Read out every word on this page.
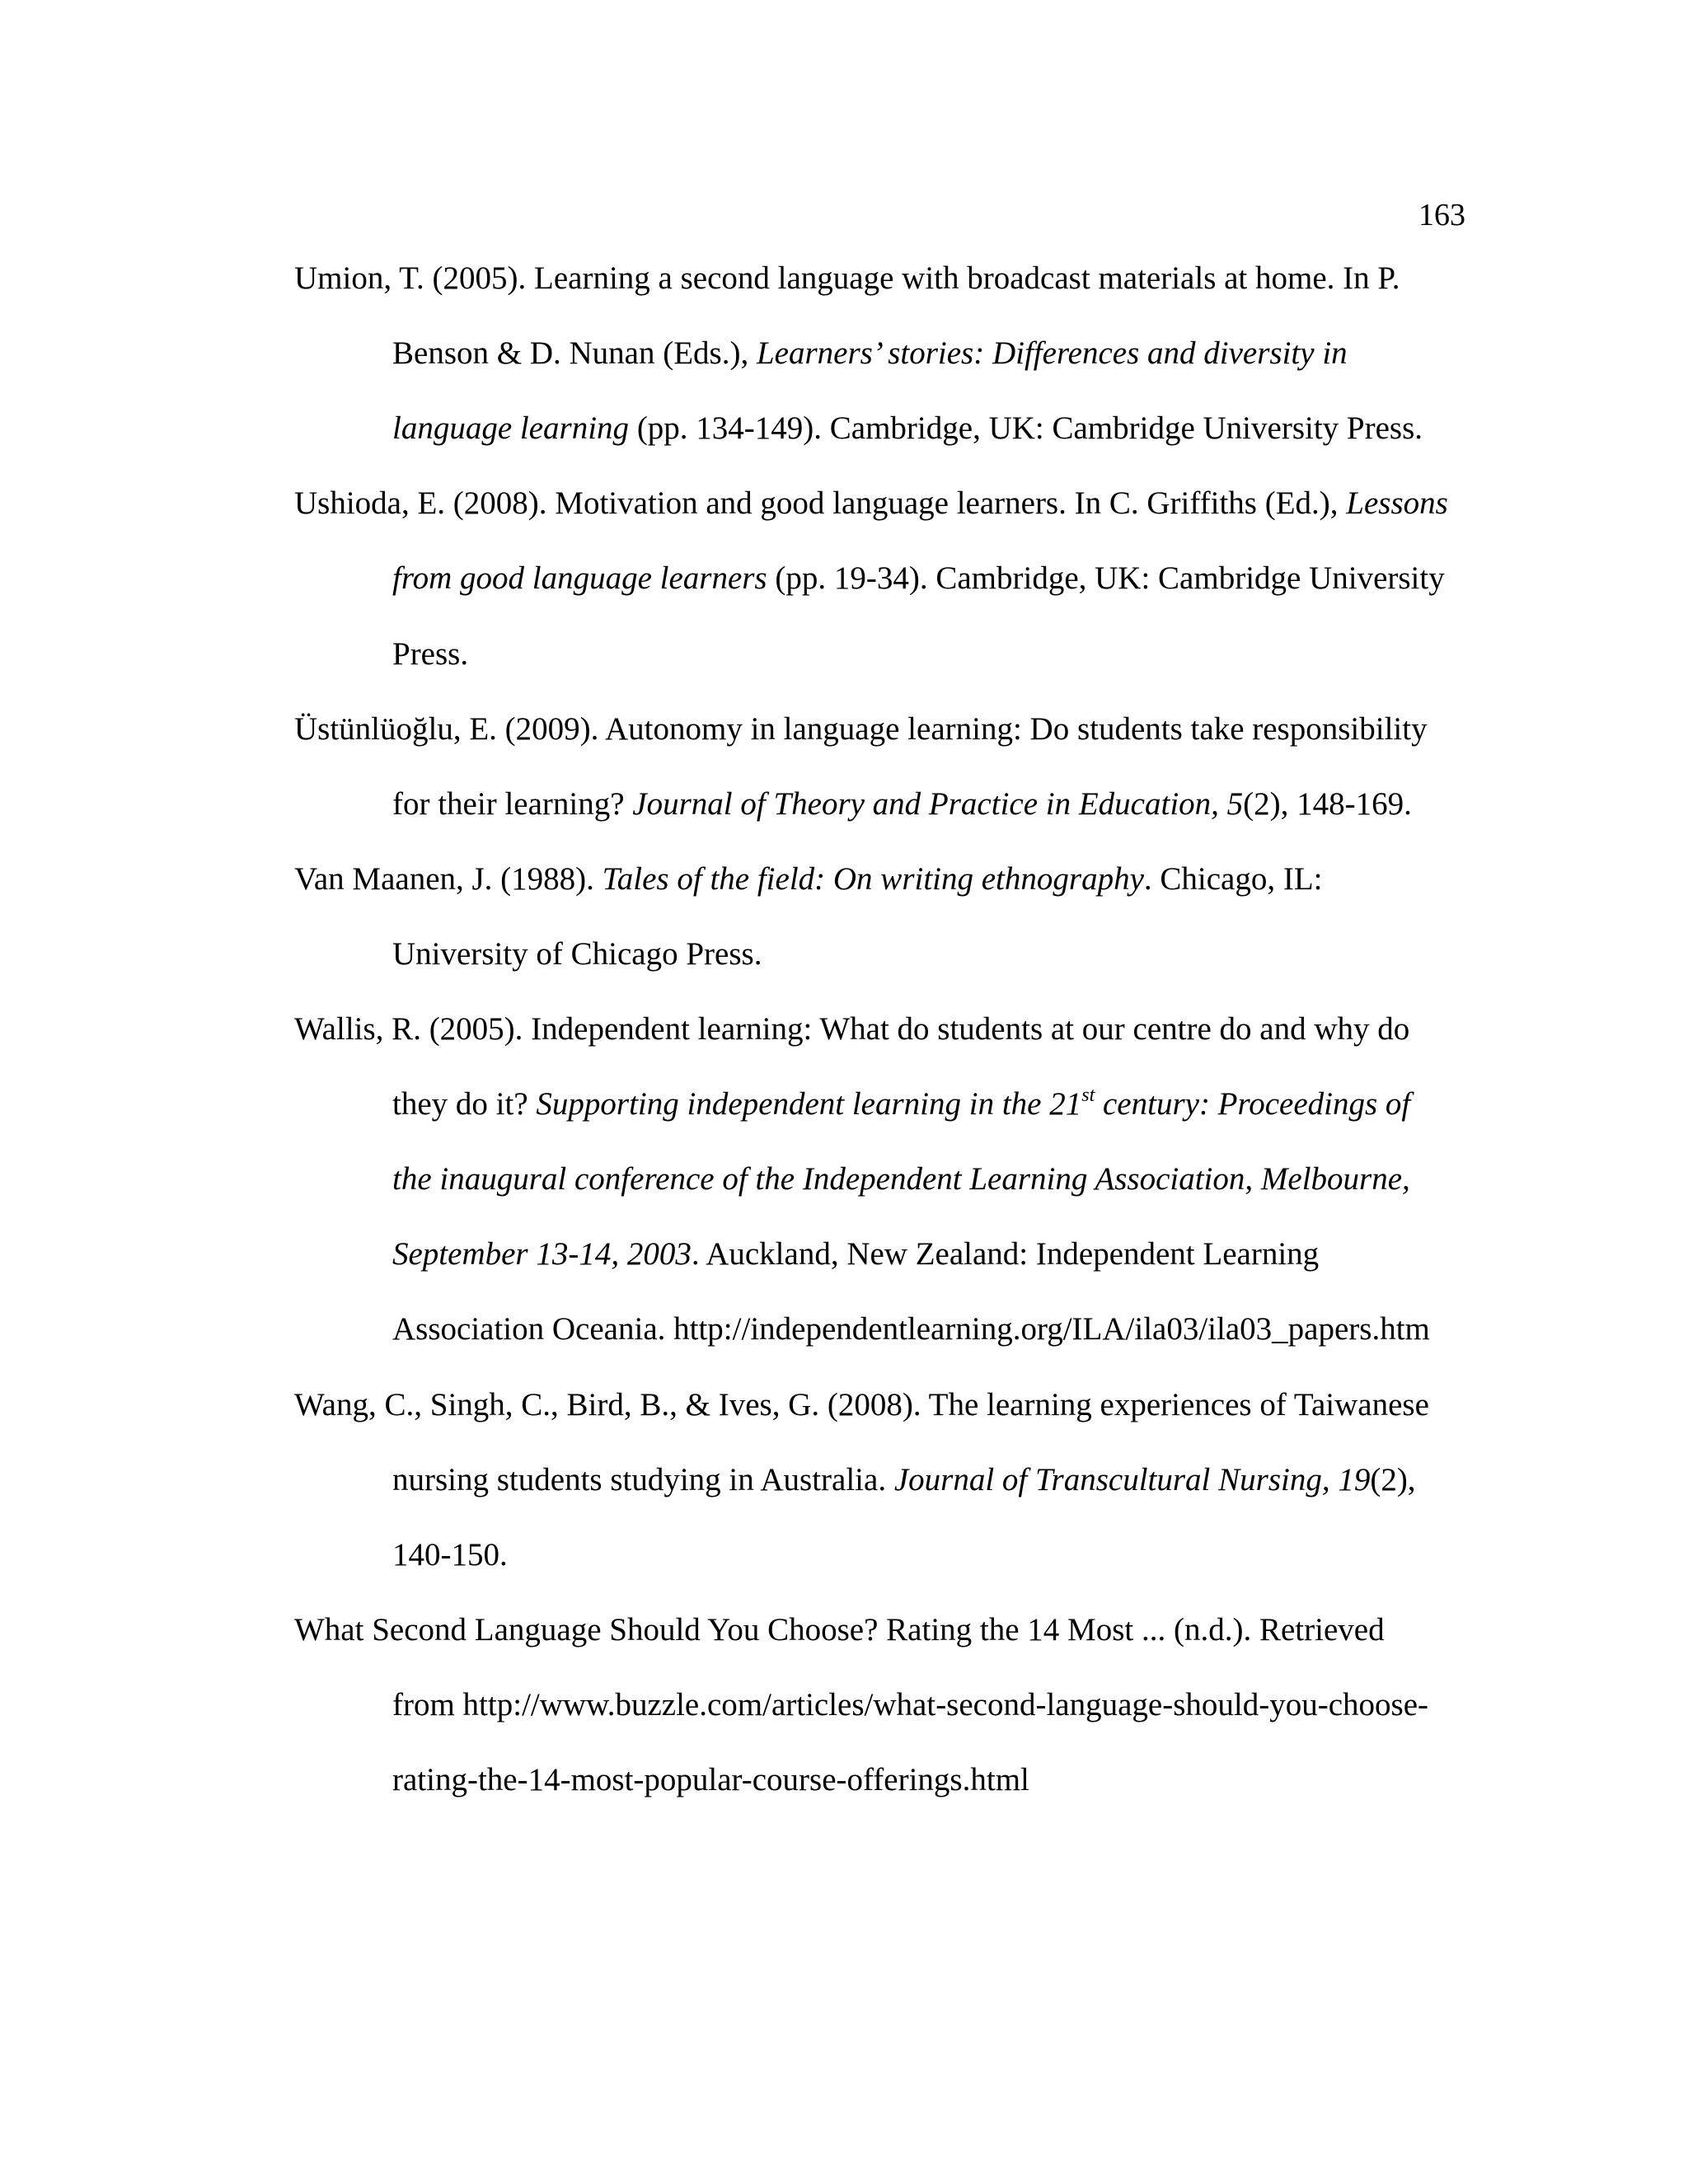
163
Umion, T. (2005). Learning a second language with broadcast materials at home. In P.
Benson & D. Nunan (Eds.), Learners’ stories: Differences and diversity in
language learning (pp. 134-149). Cambridge, UK: Cambridge University Press.
Ushioda, E. (2008). Motivation and good language learners. In C. Griffiths (Ed.), Lessons
from good language learners (pp. 19-34). Cambridge, UK: Cambridge University
Press.
Üstünlüoğlu, E. (2009). Autonomy in language learning: Do students take responsibility
for their learning? Journal of Theory and Practice in Education, 5(2), 148-169.
Van Maanen, J. (1988). Tales of the field: On writing ethnography. Chicago, IL:
University of Chicago Press.
Wallis, R. (2005). Independent learning: What do students at our centre do and why do
they do it? Supporting independent learning in the 21st century: Proceedings of
the inaugural conference of the Independent Learning Association, Melbourne,
September 13-14, 2003. Auckland, New Zealand: Independent Learning
Association Oceania. http://independentlearning.org/ILA/ila03/ila03_papers.htm
Wang, C., Singh, C., Bird, B., & Ives, G. (2008). The learning experiences of Taiwanese
nursing students studying in Australia. Journal of Transcultural Nursing, 19(2),
140-150.
What Second Language Should You Choose? Rating the 14 Most ... (n.d.). Retrieved
from http://www.buzzle.com/articles/what-second-language-should-you-choose-
rating-the-14-most-popular-course-offerings.html
